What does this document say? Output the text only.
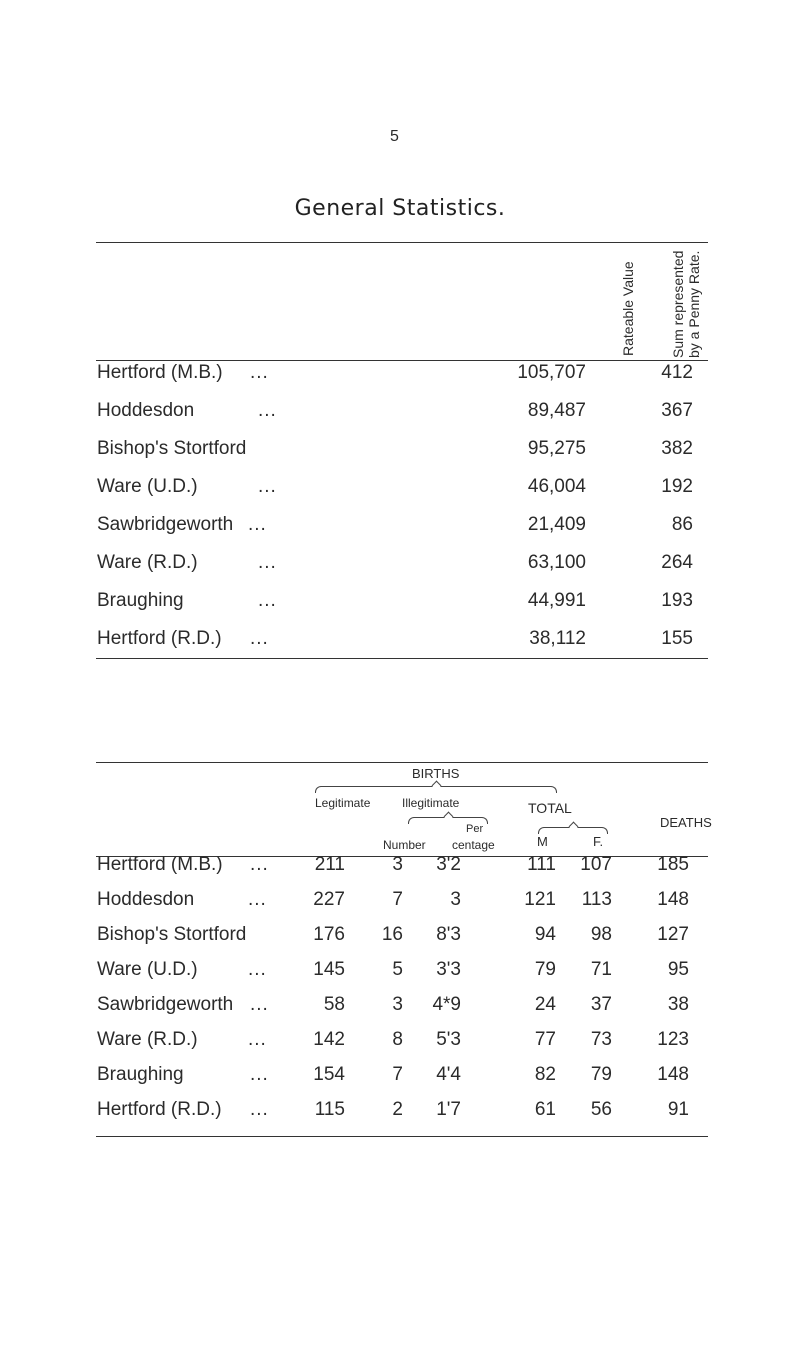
5
General Statistics.
Rateable Value Sum represented by a Penny Rate.
Hertford (M.B.) ...	105,707	412
Hoddesdon	...	89,487	367
Bishop's Stortford	95,275	382
Ware (U.D.)	...	46,004	192
Sawbridgeworth ...	21,409	86
Ware (R.D.)	...	63,100	264
Braughing	...	44,991	193
Hertford (R.D.) ...	38,112	155
BIRTHS
Legitimate	Illegitimate
Per
Number centage
TOTAL
M	F.
DEATHS
Hertford (M.B.) ... 211 3 3'2	111 107 185
Hoddesdon	... 227 7 3	121 113 148
Bishop's Stortford	176 16 8'3	94 98 127
Ware (U.D.)	... 145 5 3'3	79 71	95
Sawbridgeworth ...	58 3 4*9	24 37	38
Ware (R.D.)	... 142 8 5'3	77 73 123
Braughing	... 154 7 4'4	82 79 148
Hertford (R.D.) ... 115 2 1'7	61 56	91
